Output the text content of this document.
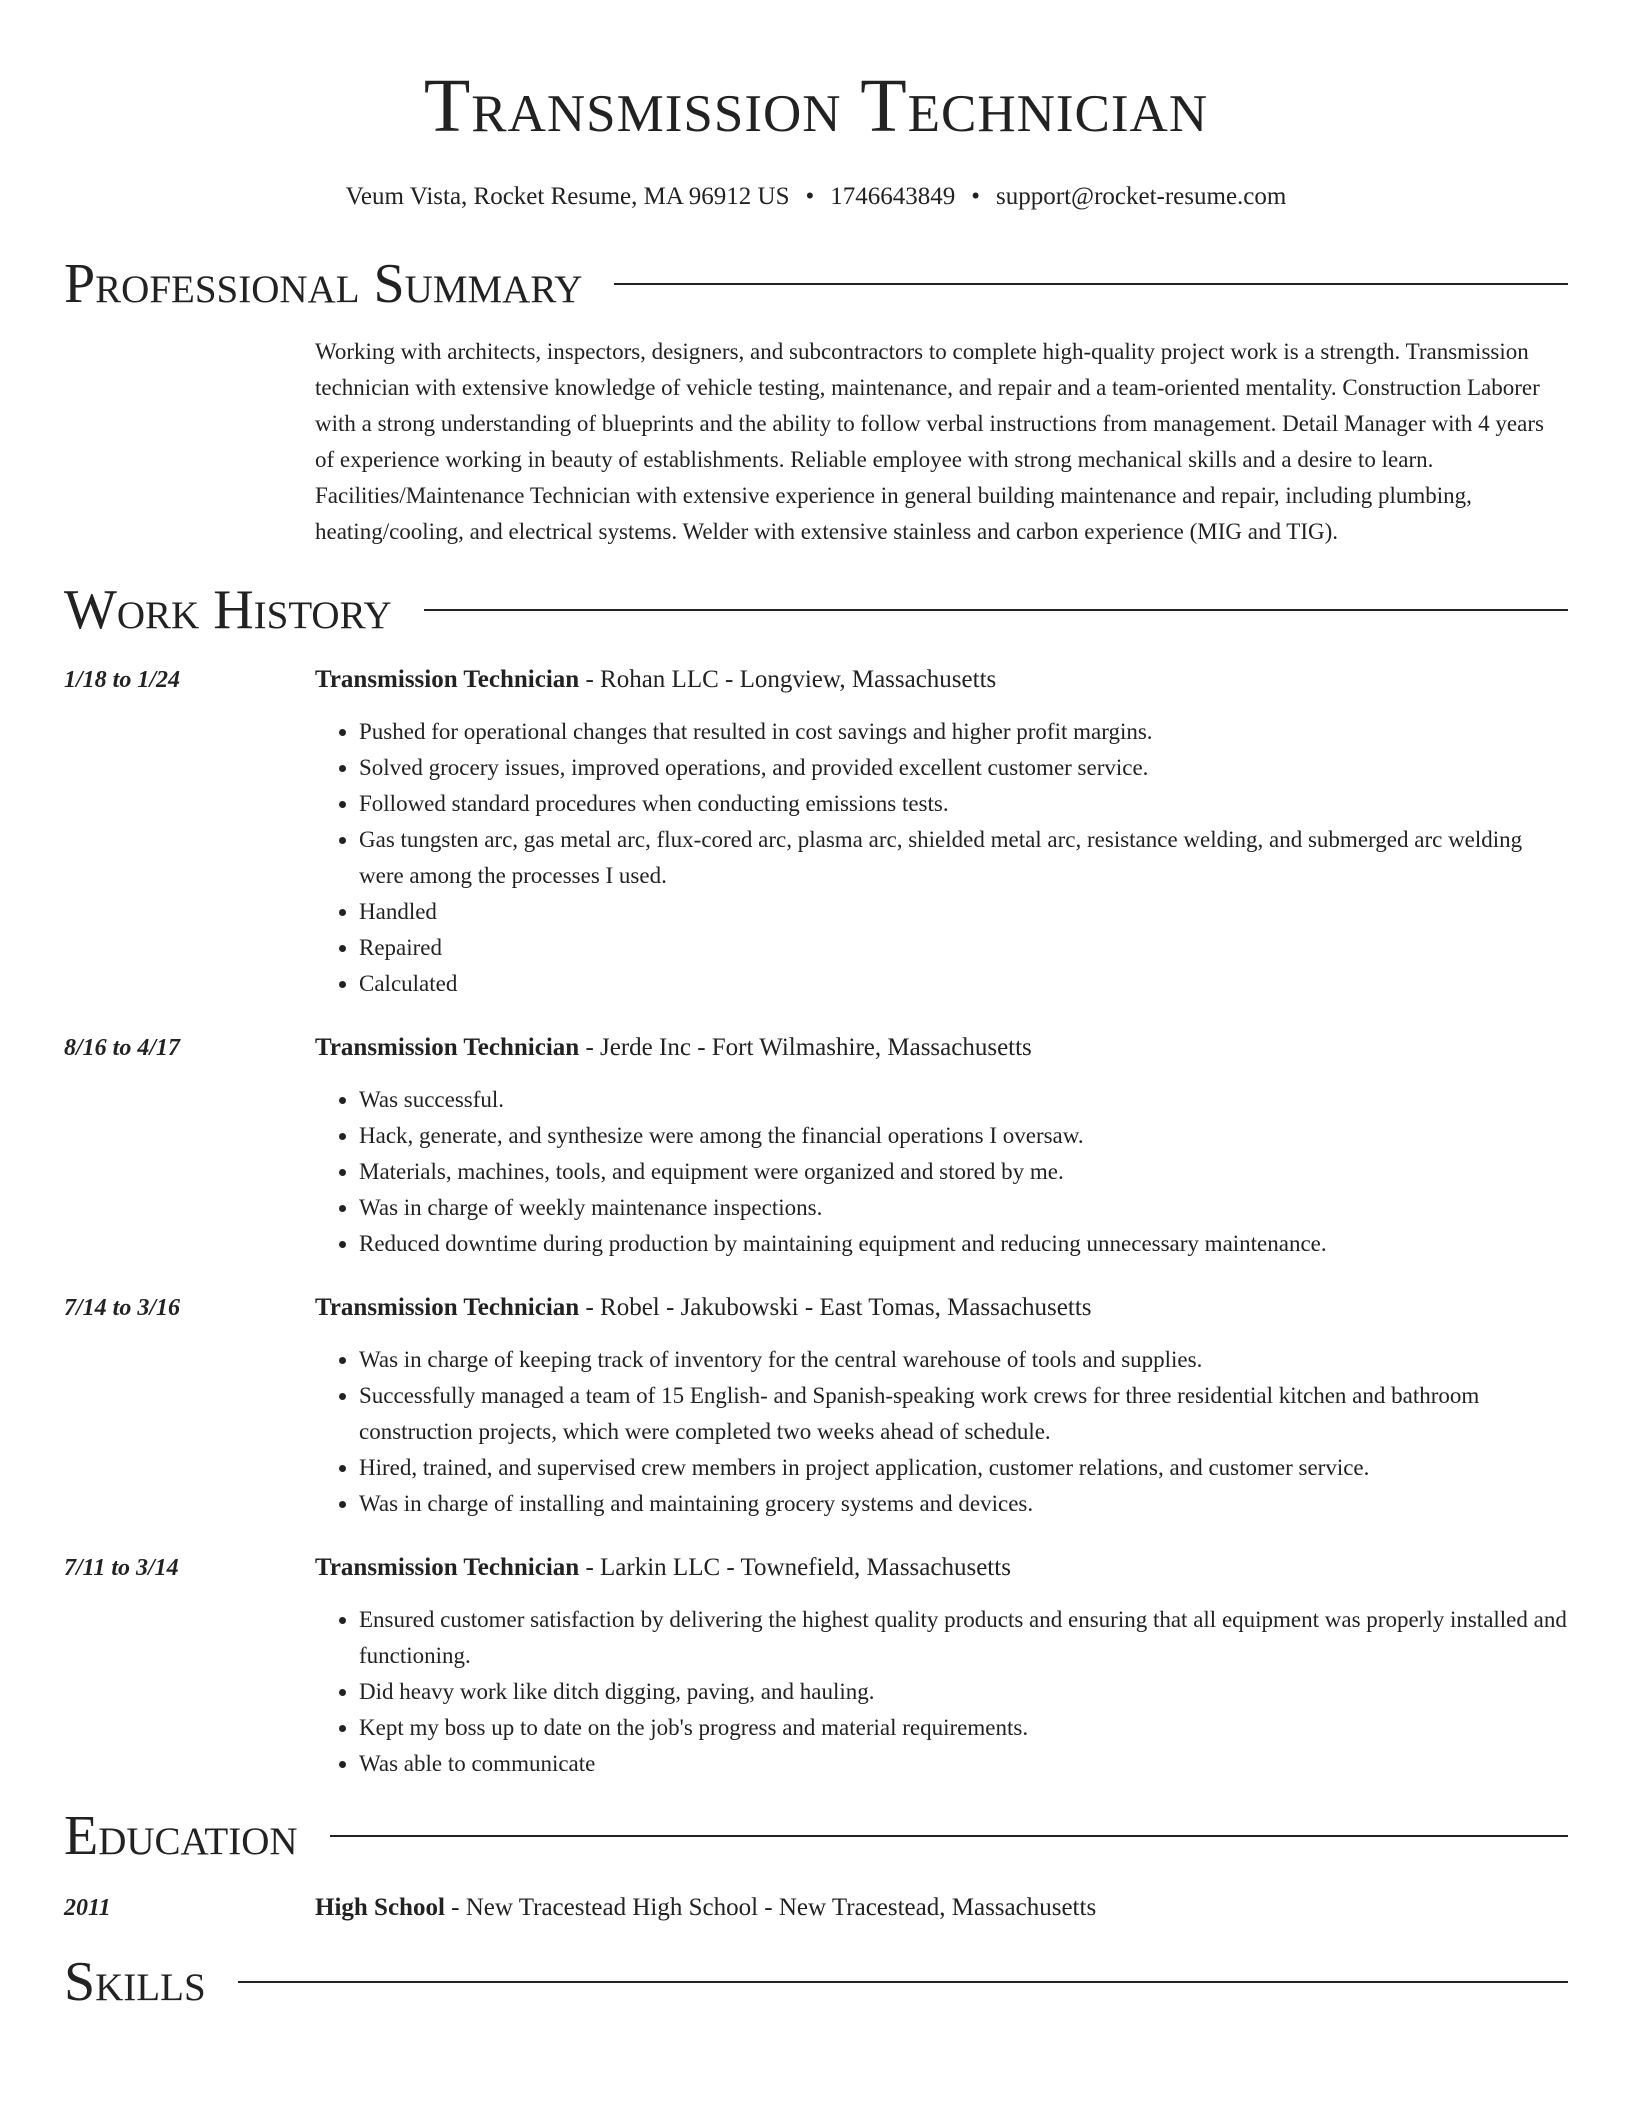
Transmission Technician
Veum Vista, Rocket Resume, MA 96912 US • 1746643849 • support@rocket-resume.com
Professional Summary
Working with architects, inspectors, designers, and subcontractors to complete high-quality project work is a strength. Transmission technician with extensive knowledge of vehicle testing, maintenance, and repair and a team-oriented mentality. Construction Laborer with a strong understanding of blueprints and the ability to follow verbal instructions from management. Detail Manager with 4 years of experience working in beauty of establishments. Reliable employee with strong mechanical skills and a desire to learn. Facilities/Maintenance Technician with extensive experience in general building maintenance and repair, including plumbing, heating/cooling, and electrical systems. Welder with extensive stainless and carbon experience (MIG and TIG).
Work History
1/18 to 1/24	Transmission Technician - Rohan LLC - Longview, Massachusetts
• Pushed for operational changes that resulted in cost savings and higher profit margins.
• Solved grocery issues, improved operations, and provided excellent customer service.
• Followed standard procedures when conducting emissions tests.
• Gas tungsten arc, gas metal arc, flux-cored arc, plasma arc, shielded metal arc, resistance welding, and submerged arc welding were among the processes I used.
• Handled
• Repaired
• Calculated
8/16 to 4/17	Transmission Technician - Jerde Inc - Fort Wilmashire, Massachusetts
• Was successful.
• Hack, generate, and synthesize were among the financial operations I oversaw.
• Materials, machines, tools, and equipment were organized and stored by me.
• Was in charge of weekly maintenance inspections.
• Reduced downtime during production by maintaining equipment and reducing unnecessary maintenance.
7/14 to 3/16	Transmission Technician - Robel - Jakubowski - East Tomas, Massachusetts
• Was in charge of keeping track of inventory for the central warehouse of tools and supplies.
• Successfully managed a team of 15 English- and Spanish-speaking work crews for three residential kitchen and bathroom construction projects, which were completed two weeks ahead of schedule.
• Hired, trained, and supervised crew members in project application, customer relations, and customer service.
• Was in charge of installing and maintaining grocery systems and devices.
7/11 to 3/14	Transmission Technician - Larkin LLC - Townefield, Massachusetts
• Ensured customer satisfaction by delivering the highest quality products and ensuring that all equipment was properly installed and functioning.
• Did heavy work like ditch digging, paving, and hauling.
• Kept my boss up to date on the job's progress and material requirements.
• Was able to communicate
Education
2011	High School - New Tracestead High School - New Tracestead, Massachusetts
Skills
